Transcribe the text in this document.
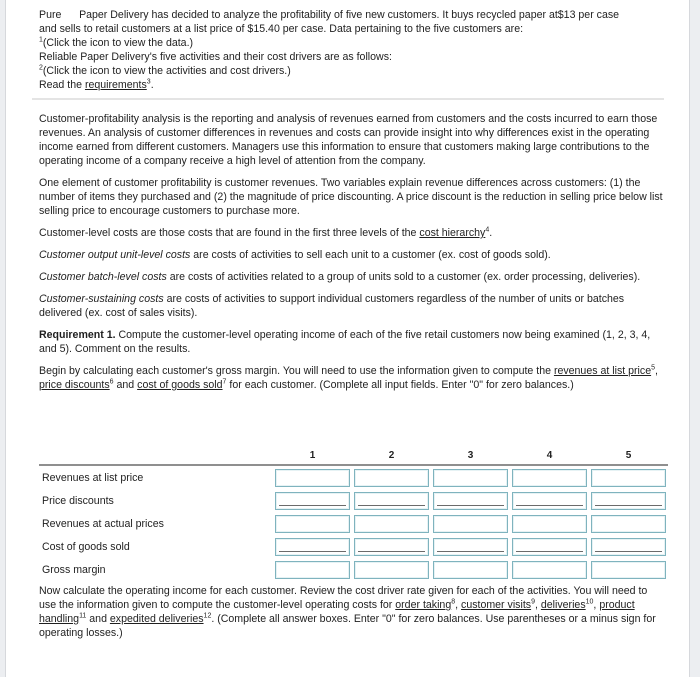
Pure Paper Delivery has decided to analyze the profitability of five new customers. It buys recycled paper at$13 per case

and sells to retail customers at a list price of $15.40 per case. Data pertaining to the five customers are:

$^1$(Click the icon to view the data.)

Reliable Paper Delivery's five activities and their cost drivers are as follows:

$^2$(Click the icon to view the activities and cost drivers.)

Read the requirements$^3$.

Customer-profitability analysis is the reporting and analysis of revenues earned from customers and the costs incurred to earn those revenues. An analysis of customer differences in revenues and costs can provide insight into why differences exist in the operating income earned from different customers. Managers use this information to ensure that customers making large contributions to the operating income of a company receive a high level of attention from the company.

One element of customer profitability is customer revenues. Two variables explain revenue differences across customers: (1) the number of items they purchased and (2) the magnitude of price discounting. A price discount is the reduction in selling price below list selling price to encourage customers to purchase more.

Customer-level costs are those costs that are found in the first three levels of the cost hierarchy$^4$.

Customer output unit-level costs are costs of activities to sell each unit to a customer (ex. cost of goods sold).

Customer batch-level costs are costs of activities related to a group of units sold to a customer (ex. order processing, deliveries).

Customer-sustaining costs are costs of activities to support individual customers regardless of the number of units or batches delivered (ex. cost of sales visits).

Requirement 1. Compute the customer-level operating income of each of the five retail customers now being examined (1, 2, 3, 4, and 5). Comment on the results.

Begin by calculating each customer's gross margin. You will need to use the information given to compute the revenues at list price$^5$, price discounts$^6$ and cost of goods sold$^7$ for each customer. (Complete all input fields. Enter "0" for zero balances.)

	1	2	3	4	5

Revenues at list price	

Price discounts	

Revenues at actual prices	

Cost of goods sold	

Gross margin	

Now calculate the operating income for each customer. Review the cost driver rate given for each of the activities. You will need to use the information given to compute the customer-level operating costs for order taking$^8$, customer visits$^9$, deliveries$^{10}$, product handling$^{11}$ and expedited deliveries$^{12}$. (Complete all answer boxes. Enter "0" for zero balances. Use parentheses or a minus sign for operating losses.)
